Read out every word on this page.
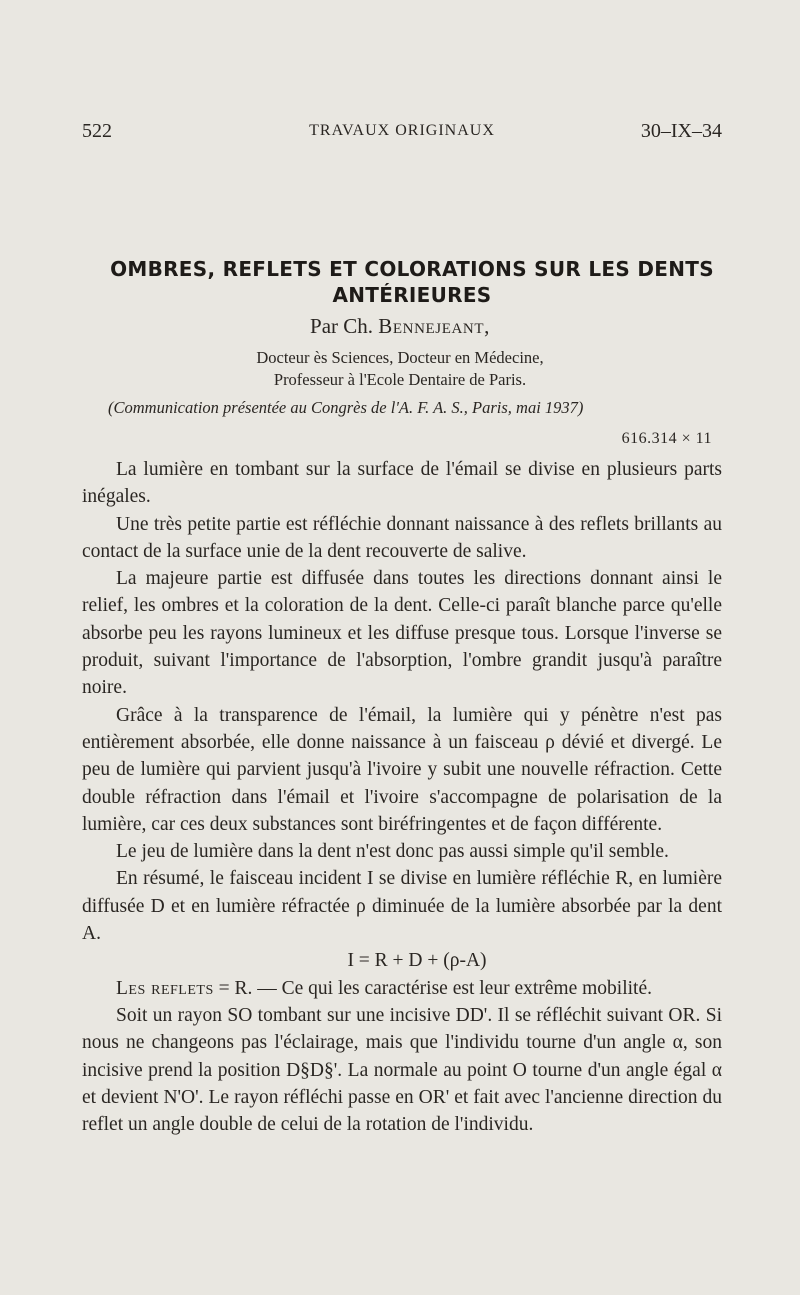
522	TRAVAUX ORIGINAUX	30–IX–34
OMBRES, REFLETS ET COLORATIONS SUR LES DENTS
ANTÉRIEURES
Par Ch. Bennejeant,
Docteur ès Sciences, Docteur en Médecine,
Professeur à l'Ecole Dentaire de Paris.
(Communication présentée au Congrès de l'A. F. A. S., Paris, mai 1937)
616.314 × 11

La lumière en tombant sur la surface de l'émail se divise en plusieurs parts inégales.

Une très petite partie est réfléchie donnant naissance à des reflets brillants au contact de la surface unie de la dent recouverte de salive.

La majeure partie est diffusée dans toutes les directions donnant ainsi le relief, les ombres et la coloration de la dent. Celle-ci paraît blanche parce qu'elle absorbe peu les rayons lumineux et les diffuse presque tous. Lorsque l'inverse se produit, suivant l'importance de l'absorption, l'ombre grandit jusqu'à paraître noire.

Grâce à la transparence de l'émail, la lumière qui y pénètre n'est pas entièrement absorbée, elle donne naissance à un faisceau ρ dévié et divergé. Le peu de lumière qui parvient jusqu'à l'ivoire y subit une nouvelle réfraction. Cette double réfraction dans l'émail et l'ivoire s'accompagne de polarisation de la lumière, car ces deux substances sont biréfringentes et de façon différente.

Le jeu de lumière dans la dent n'est donc pas aussi simple qu'il semble.

En résumé, le faisceau incident I se divise en lumière réfléchie R, en lumière diffusée D et en lumière réfractée ρ diminuée de la lumière absorbée par la dent A.

I = R + D + (ρ-A)

Les reflets = R. — Ce qui les caractérise est leur extrême mobilité.

Soit un rayon SO tombant sur une incisive DD'. Il se réfléchit suivant OR. Si nous ne changeons pas l'éclairage, mais que l'individu tourne d'un angle α, son incisive prend la position D§D§'. La normale au point O tourne d'un angle égal α et devient N'O'. Le rayon réfléchi passe en OR' et fait avec l'ancienne direction du reflet un angle double de celui de la rotation de l'individu.
